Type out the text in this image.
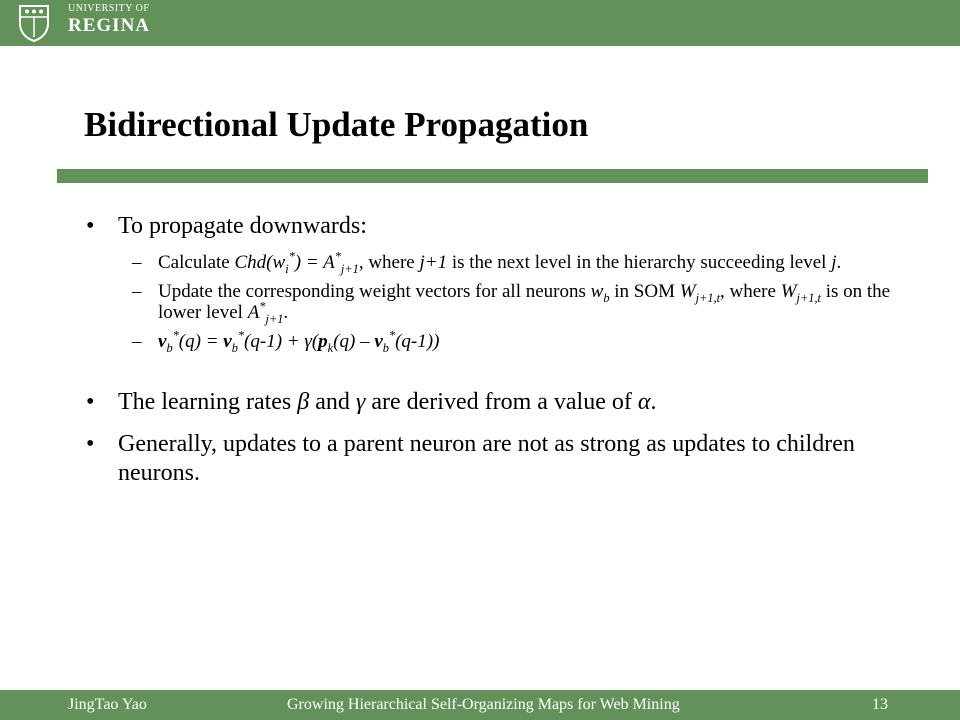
UNIVERSITY OF
REGINA
Bidirectional Update Propagation
• To propagate downwards:
– Calculate $Chd(w_i^*) = A^*_{j+1}$, where j+1 is the next level in the hierarchy succeeding level j.
– Update the corresponding weight vectors for all neurons $w_b$ in SOM $W_{j+1,t}$, where $W_{j+1,t}$ is on the lower level $A^*_{j+1}$.
– $v_b^*(q) = v_b^*(q-1) + \gamma(p_k(q) - v_b^*(q-1))$
• The learning rates β and γ are derived from a value of α.
• Generally, updates to a parent neuron are not as strong as updates to children neurons.
JingTao Yao	Growing Hierarchical Self-Organizing Maps for Web Mining	13
